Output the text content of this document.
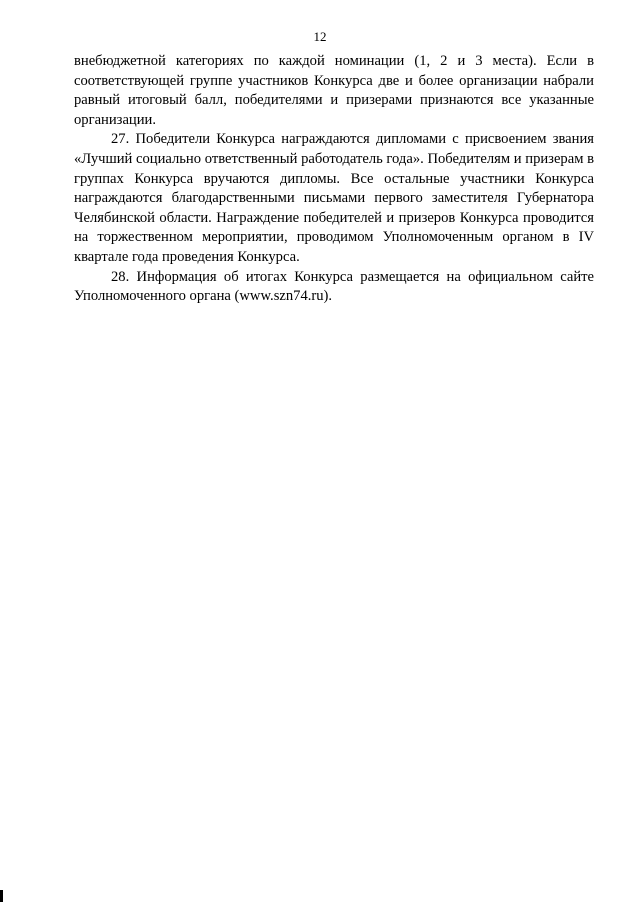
12

внебюджетной категориях по каждой номинации (1, 2 и 3 места). Если в соответствующей группе участников Конкурса две и более организации набрали равный итоговый балл, победителями и призерами признаются все указанные организации.

27. Победители Конкурса награждаются дипломами с присвоением звания «Лучший социально ответственный работодатель года». Победителям и призерам в группах Конкурса вручаются дипломы. Все остальные участники Конкурса награждаются благодарственными письмами первого заместителя Губернатора Челябинской области. Награждение победителей и призеров Конкурса проводится на торжественном мероприятии, проводимом Уполномоченным органом в IV квартале года проведения Конкурса.

28. Информация об итогах Конкурса размещается на официальном сайте Уполномоченного органа (www.szn74.ru).
